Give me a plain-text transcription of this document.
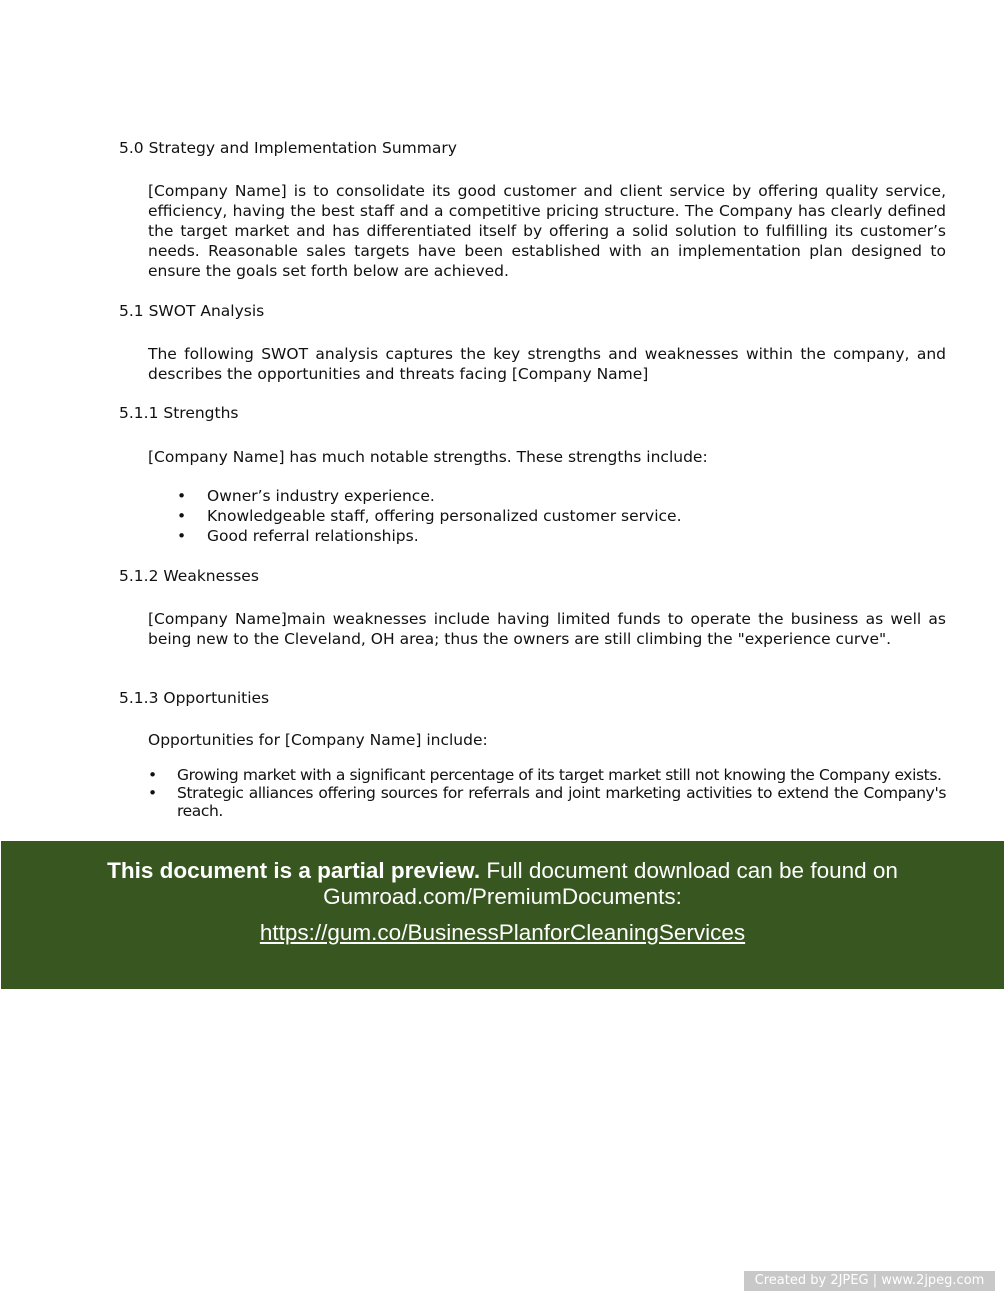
5.0 Strategy and Implementation Summary
[Company Name] is to consolidate its good customer and client service by offering quality service, efficiency, having the best staff and a competitive pricing structure. The Company has clearly defined the target market and has differentiated itself by offering a solid solution to fulfilling its customer’s needs. Reasonable sales targets have been established with an implementation plan designed to ensure the goals set forth below are achieved.
5.1 SWOT Analysis
The following SWOT analysis captures the key strengths and weaknesses within the company, and describes the opportunities and threats facing [Company Name]
5.1.1 Strengths
[Company Name] has much notable strengths. These strengths include:
• Owner’s industry experience.
• Knowledgeable staff, offering personalized customer service.
• Good referral relationships.
5.1.2 Weaknesses
[Company Name]main weaknesses include having limited funds to operate the business as well as being new to the Cleveland, OH area; thus the owners are still climbing the "experience curve".
5.1.3 Opportunities
Opportunities for [Company Name] include:
• Growing market with a significant percentage of its target market still not knowing the Company exists.
• Strategic alliances offering sources for referrals and joint marketing activities to extend the Company's reach.
This document is a partial preview. Full document download can be found on Gumroad.com/PremiumDocuments:
https://gum.co/BusinessPlanforCleaningServices
Created by 2JPEG | www.2jpeg.com
